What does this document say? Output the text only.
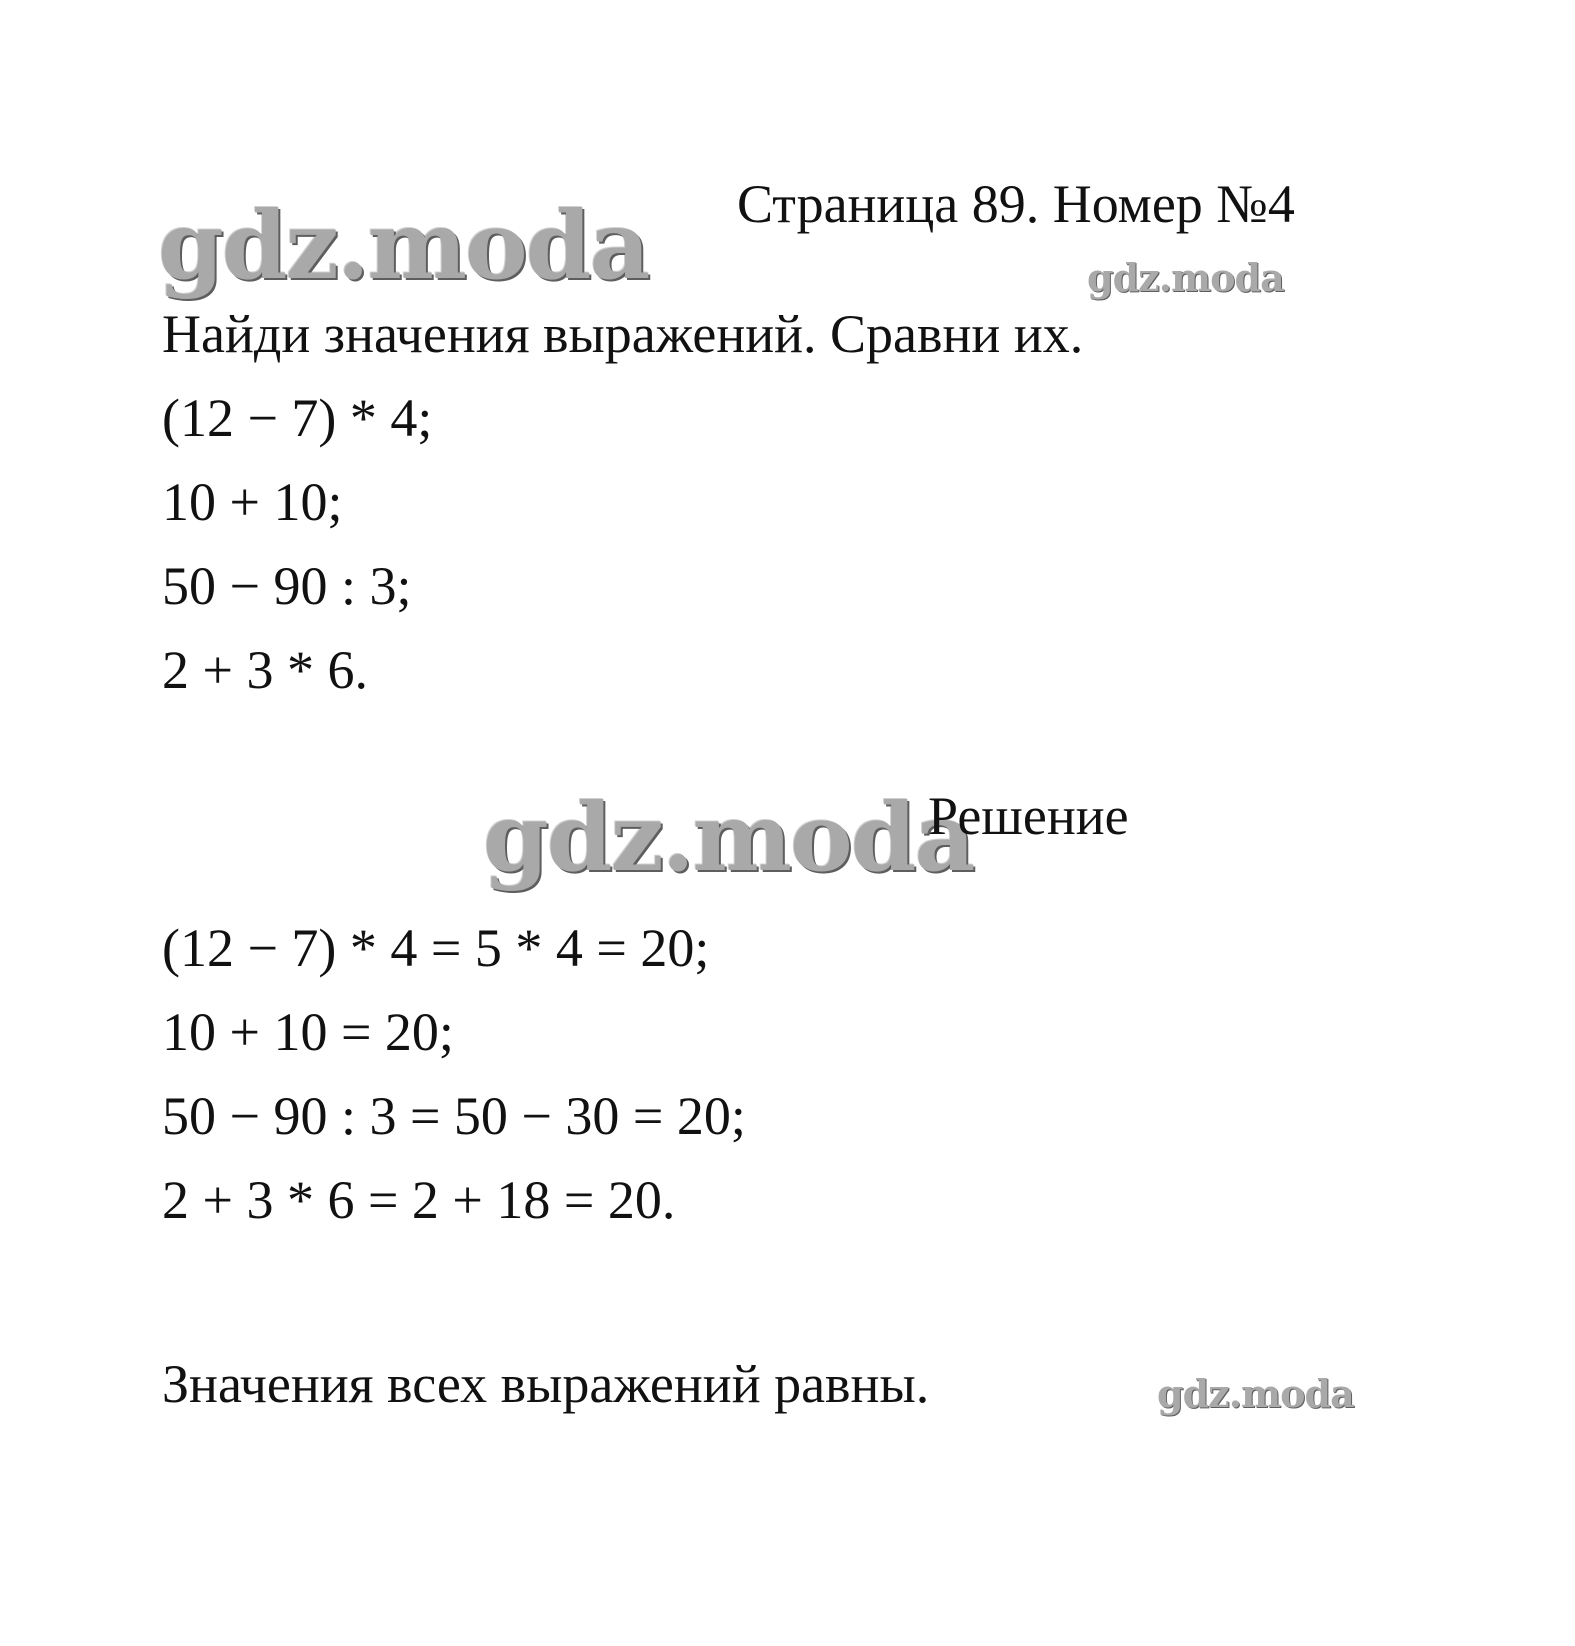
Страница 89. Номер №4
gdz.moda	gdz.moda
Найди значения выражений. Сравни их.
(12 − 7) * 4;
10 + 10;
50 − 90 : 3;
2 + 3 * 6.
gdz.moda
Решение
(12 − 7) * 4 = 5 * 4 = 20;
10 + 10 = 20;
50 − 90 : 3 = 50 − 30 = 20;
2 + 3 * 6 = 2 + 18 = 20.
Значения всех выражений равны.	gdz.moda
